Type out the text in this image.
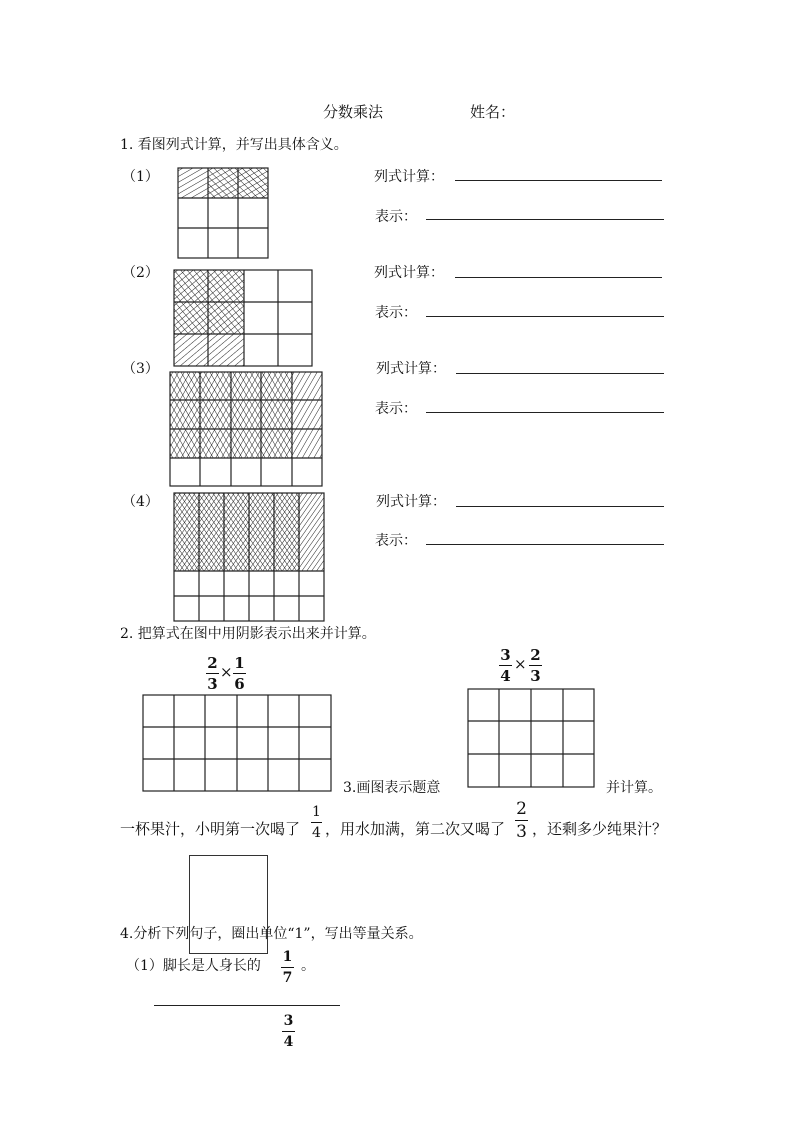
分数乘法	姓名：
1. 看图列式计算，并写出具体含义。
（1）	列式计算：
表示：
（2）	列式计算：
表示：
（3）	列式计算：
表示：
（4）	列式计算：
表示：
2. 把算式在图中用阴影表示出来并计算。
2
3
× 1
6
3
4
× 2
3
3.画图表示题意	并计算。
一杯果汁，小明第一次喝了
1
4 ，用水加满，第二次又喝了
2
3 ，还剩多少纯果汁？
4.分析下列句子，圈出单位“1”，写出等量关系。
（1）脚长是人身长的
1
7
。
3
4
